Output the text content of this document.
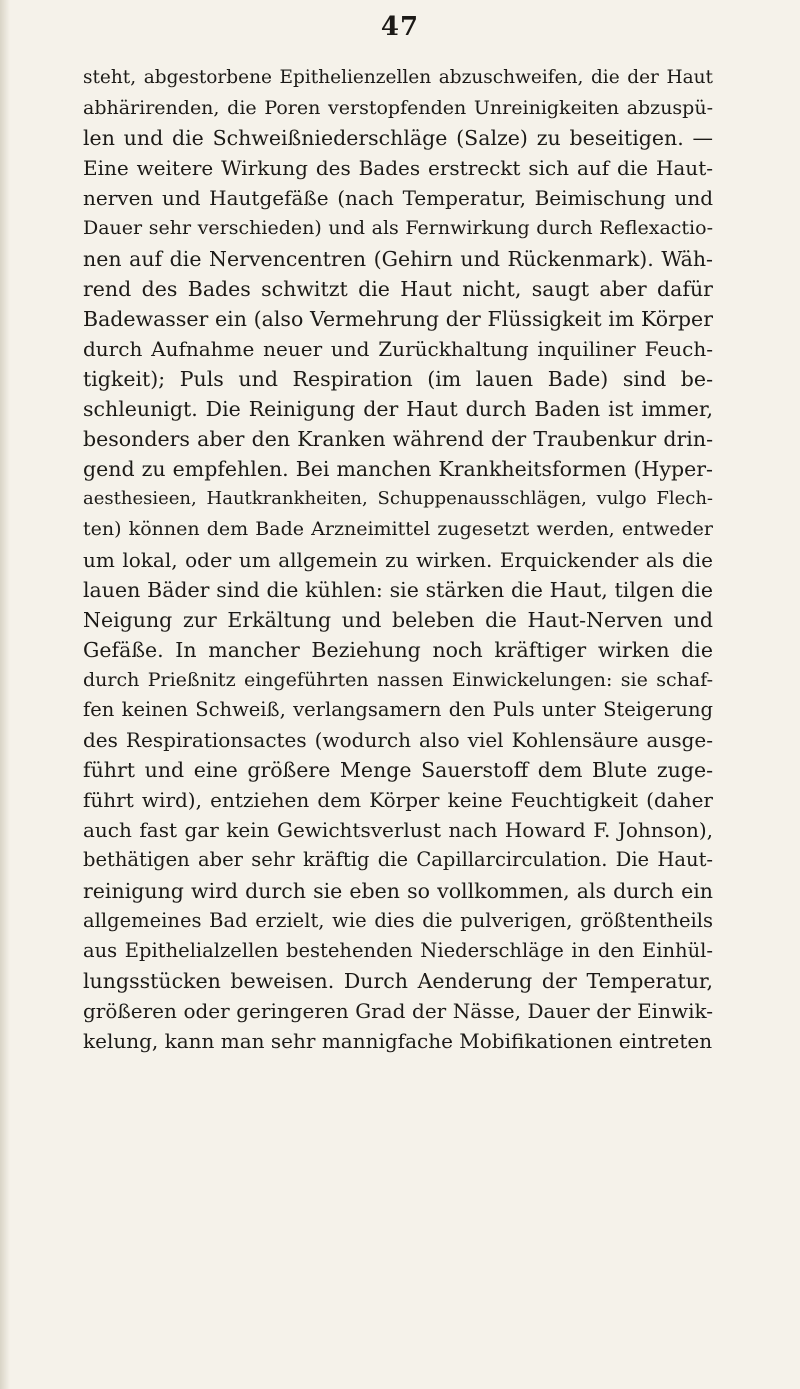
47
steht, abgestorbene Epithelienzellen abzuschweifen, die der Haut
abhärirenden, die Poren verstopfenden Unreinigkeiten abzuspü-
len und die Schweißniederschläge (Salze) zu beseitigen. —
Eine weitere Wirkung des Bades erstreckt sich auf die Haut-
nerven und Hautgefäße (nach Temperatur, Beimischung und
Dauer sehr verschieden) und als Fernwirkung durch Reflexactio-
nen auf die Nervencentren (Gehirn und Rückenmark). Wäh-
rend des Bades schwitzt die Haut nicht, saugt aber dafür
Badewasser ein (also Vermehrung der Flüssigkeit im Körper
durch Aufnahme neuer und Zurückhaltung inquiliner Feuch-
tigkeit); Puls und Respiration (im lauen Bade) sind be-
schleunigt. Die Reinigung der Haut durch Baden ist immer,
besonders aber den Kranken während der Traubenkur drin-
gend zu empfehlen. Bei manchen Krankheitsformen (Hyper-
aesthesieen, Hautkrankheiten, Schuppenausschlägen, vulgo Flech-
ten) können dem Bade Arzneimittel zugesetzt werden, entweder
um lokal, oder um allgemein zu wirken. Erquickender als die
lauen Bäder sind die kühlen: sie stärken die Haut, tilgen die
Neigung zur Erkältung und beleben die Haut-Nerven und
Gefäße. In mancher Beziehung noch kräftiger wirken die
durch Prießnitz eingeführten nassen Einwickelungen: sie schaf-
fen keinen Schweiß, verlangsamern den Puls unter Steigerung
des Respirationsactes (wodurch also viel Kohlensäure ausge-
führt und eine größere Menge Sauerstoff dem Blute zuge-
führt wird), entziehen dem Körper keine Feuchtigkeit (daher
auch fast gar kein Gewichtsverlust nach Howard F. Johnson),
bethätigen aber sehr kräftig die Capillarcirculation. Die Haut-
reinigung wird durch sie eben so vollkommen, als durch ein
allgemeines Bad erzielt, wie dies die pulverigen, größtentheils
aus Epithelialzellen bestehenden Niederschläge in den Einhül-
lungsstücken beweisen. Durch Aenderung der Temperatur,
größeren oder geringeren Grad der Nässe, Dauer der Einwik-
kelung, kann man sehr mannigfache Mobifikationen eintreten
